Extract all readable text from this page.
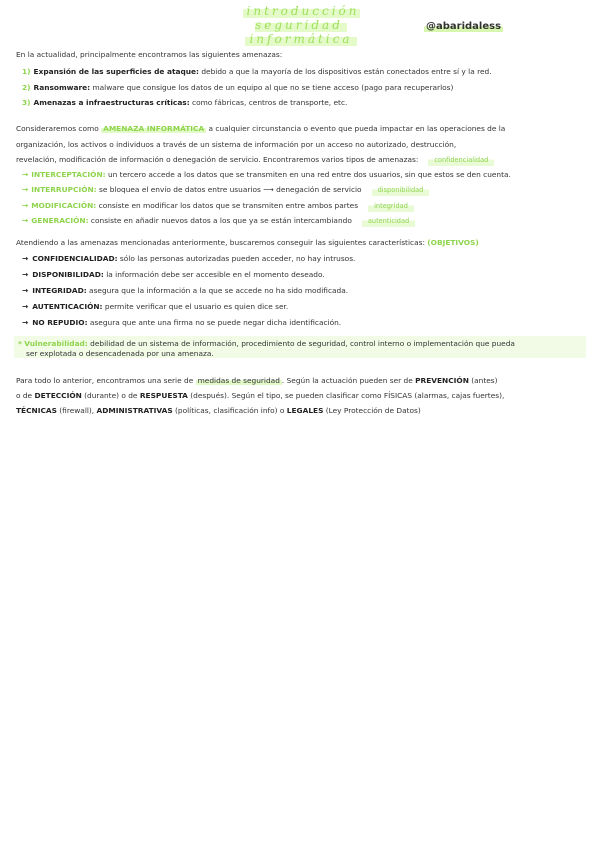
introducción seguridad
informática
@abaridaless
En la actualidad, principalmente encontramos las siguientes amenazas:
1) Expansión de las superficies de ataque: debido a que la mayoría de los dispositivos están conectados entre sí y la red.
2) Ransomware: malware que consigue los datos de un equipo al que no se tiene acceso (pago para recuperarlos)
3) Amenazas a infraestructuras críticas: como fábricas, centros de transporte, etc.
Consideraremos como AMENAZA INFORMÁTICA a cualquier circunstancia o evento que pueda impactar en las operaciones de la
organización, los activos o individuos a través de un sistema de información por un acceso no autorizado, destrucción,
revelación, modificación de información o denegación de servicio. Encontraremos varios tipos de amenazas: confidencialidad
→ INTERCEPTACIÓN: un tercero accede a los datos que se transmiten en una red entre dos usuarios, sin que estos se den cuenta.
→ INTERRUPCIÓN: se bloquea el envío de datos entre usuarios ⟶ denegación de servicio disponibilidad
→ MODIFICACIÓN: consiste en modificar los datos que se transmiten entre ambos partes integridad
→ GENERACIÓN: consiste en añadir nuevos datos a los que ya se están intercambiando autenticidad
Atendiendo a las amenazas mencionadas anteriormente, buscaremos conseguir las siguientes características: (OBJETIVOS)
→ CONFIDENCIALIDAD: sólo las personas autorizadas pueden acceder, no hay intrusos.
→ DISPONIBILIDAD: la información debe ser accesible en el momento deseado.
→ INTEGRIDAD: asegura que la información a la que se accede no ha sido modificada.
→ AUTENTICACIÓN: permite verificar que el usuario es quien dice ser.
→ NO REPUDIO: asegura que ante una firma no se puede negar dicha identificación.
* Vulnerabilidad: debilidad de un sistema de información, procedimiento de seguridad, control interno o implementación que pueda
ser explotada o desencadenada por una amenaza.
Para todo lo anterior, encontramos una serie de medidas de seguridad . Según la actuación pueden ser de PREVENCIÓN (antes)
o de DETECCIÓN (durante) o de RESPUESTA (después). Según el tipo, se pueden clasificar como FÍSICAS (alarmas, cajas fuertes),
TÉCNICAS (firewall), ADMINISTRATIVAS (políticas, clasificación info) o LEGALES (Ley Protección de Datos)
